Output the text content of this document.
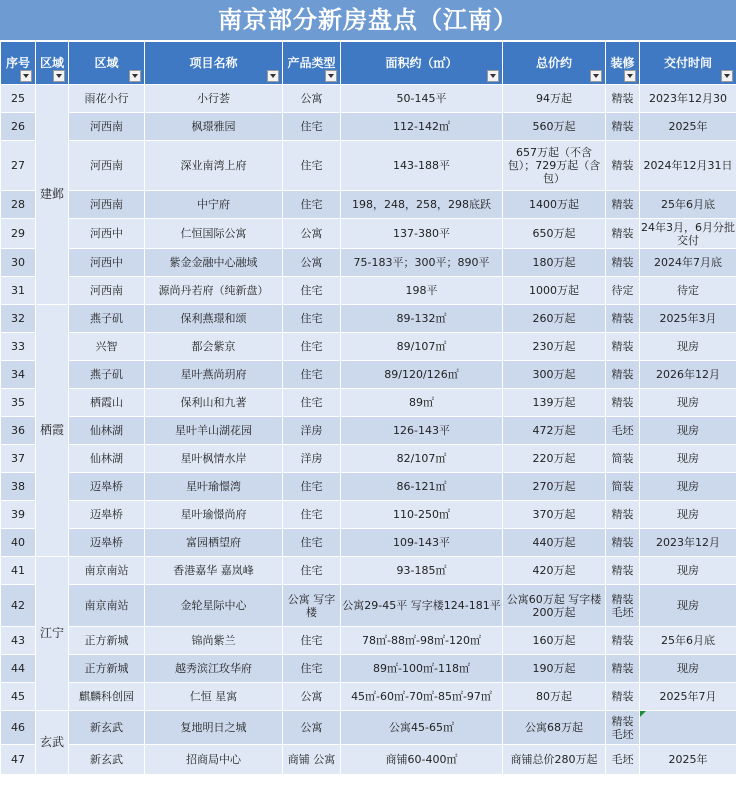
南京部分新房盘点（江南）
序号	区域	区域	项目名称	产品类型	面积约（㎡）	总价约	装修	交付时间

25	建邺	雨花小行	小行荟	公寓	50-145平	94万起	精装	2023年12月30
26		河西南	枫璟雅园	住宅	112-142㎡	560万起	精装	2025年
27		河西南	深业南湾上府	住宅	143-188平	657万起（不含包）；729万起（含包）	精装	2024年12月31日
28		河西南	中宁府	住宅	198，248，258，298底跃	1400万起	精装	25年6月底
29		河西中	仁恒国际公寓	公寓	137-380平	650万起	精装	24年3月，6月分批交付
30		河西中	紫金金融中心融域	公寓	75-183平；300平；890平	180万起	精装	2024年7月底
31		河西南	源尚丹若府（纯新盘）	住宅	198平	1000万起	待定	待定
32	栖霞	燕子矶	保利燕璟和颂	住宅	89-132㎡	260万起	精装	2025年3月
33		兴智	都会紫京	住宅	89/107㎡	230万起	精装	现房
34		燕子矶	星叶燕尚玥府	住宅	89/120/126㎡	300万起	精装	2026年12月
35		栖霞山	保利山和九著	住宅	89㎡	139万起	精装	现房
36		仙林湖	星叶羊山湖花园	洋房	126-143平	472万起	毛坯	现房
37		仙林湖	星叶枫情水岸	洋房	82/107㎡	220万起	简装	现房
38		迈皋桥	星叶瑜憬湾	住宅	86-121㎡	270万起	简装	现房
39		迈皋桥	星叶瑜憬尚府	住宅	110-250㎡	370万起	精装	现房
40		迈皋桥	富园栖望府	住宅	109-143平	440万起	精装	2023年12月
41	江宁	南京南站	香港嘉华 嘉岚峰	住宅	93-185㎡	420万起	精装	现房
42		南京南站	金轮星际中心	公寓 写字楼	公寓29-45平 写字楼124-181平	公寓60万起 写字楼200万起	精装 毛坯	现房
43		正方新城	锦尚紫兰	住宅	78㎡-88㎡-98㎡-120㎡	160万起	精装	25年6月底
44		正方新城	越秀滨江玫华府	住宅	89㎡-100㎡-118㎡	190万起	精装	现房
45		麒麟科创园	仁恒 星寓	公寓	45㎡-60㎡-70㎡-85㎡-97㎡	80万起	精装	2025年7月
46	玄武	新玄武	复地明日之城	公寓	公寓45-65㎡	公寓68万起	精装 毛坯	
47		新玄武	招商局中心	商铺 公寓	商铺60-400㎡	商铺总价280万起	毛坯	2025年
